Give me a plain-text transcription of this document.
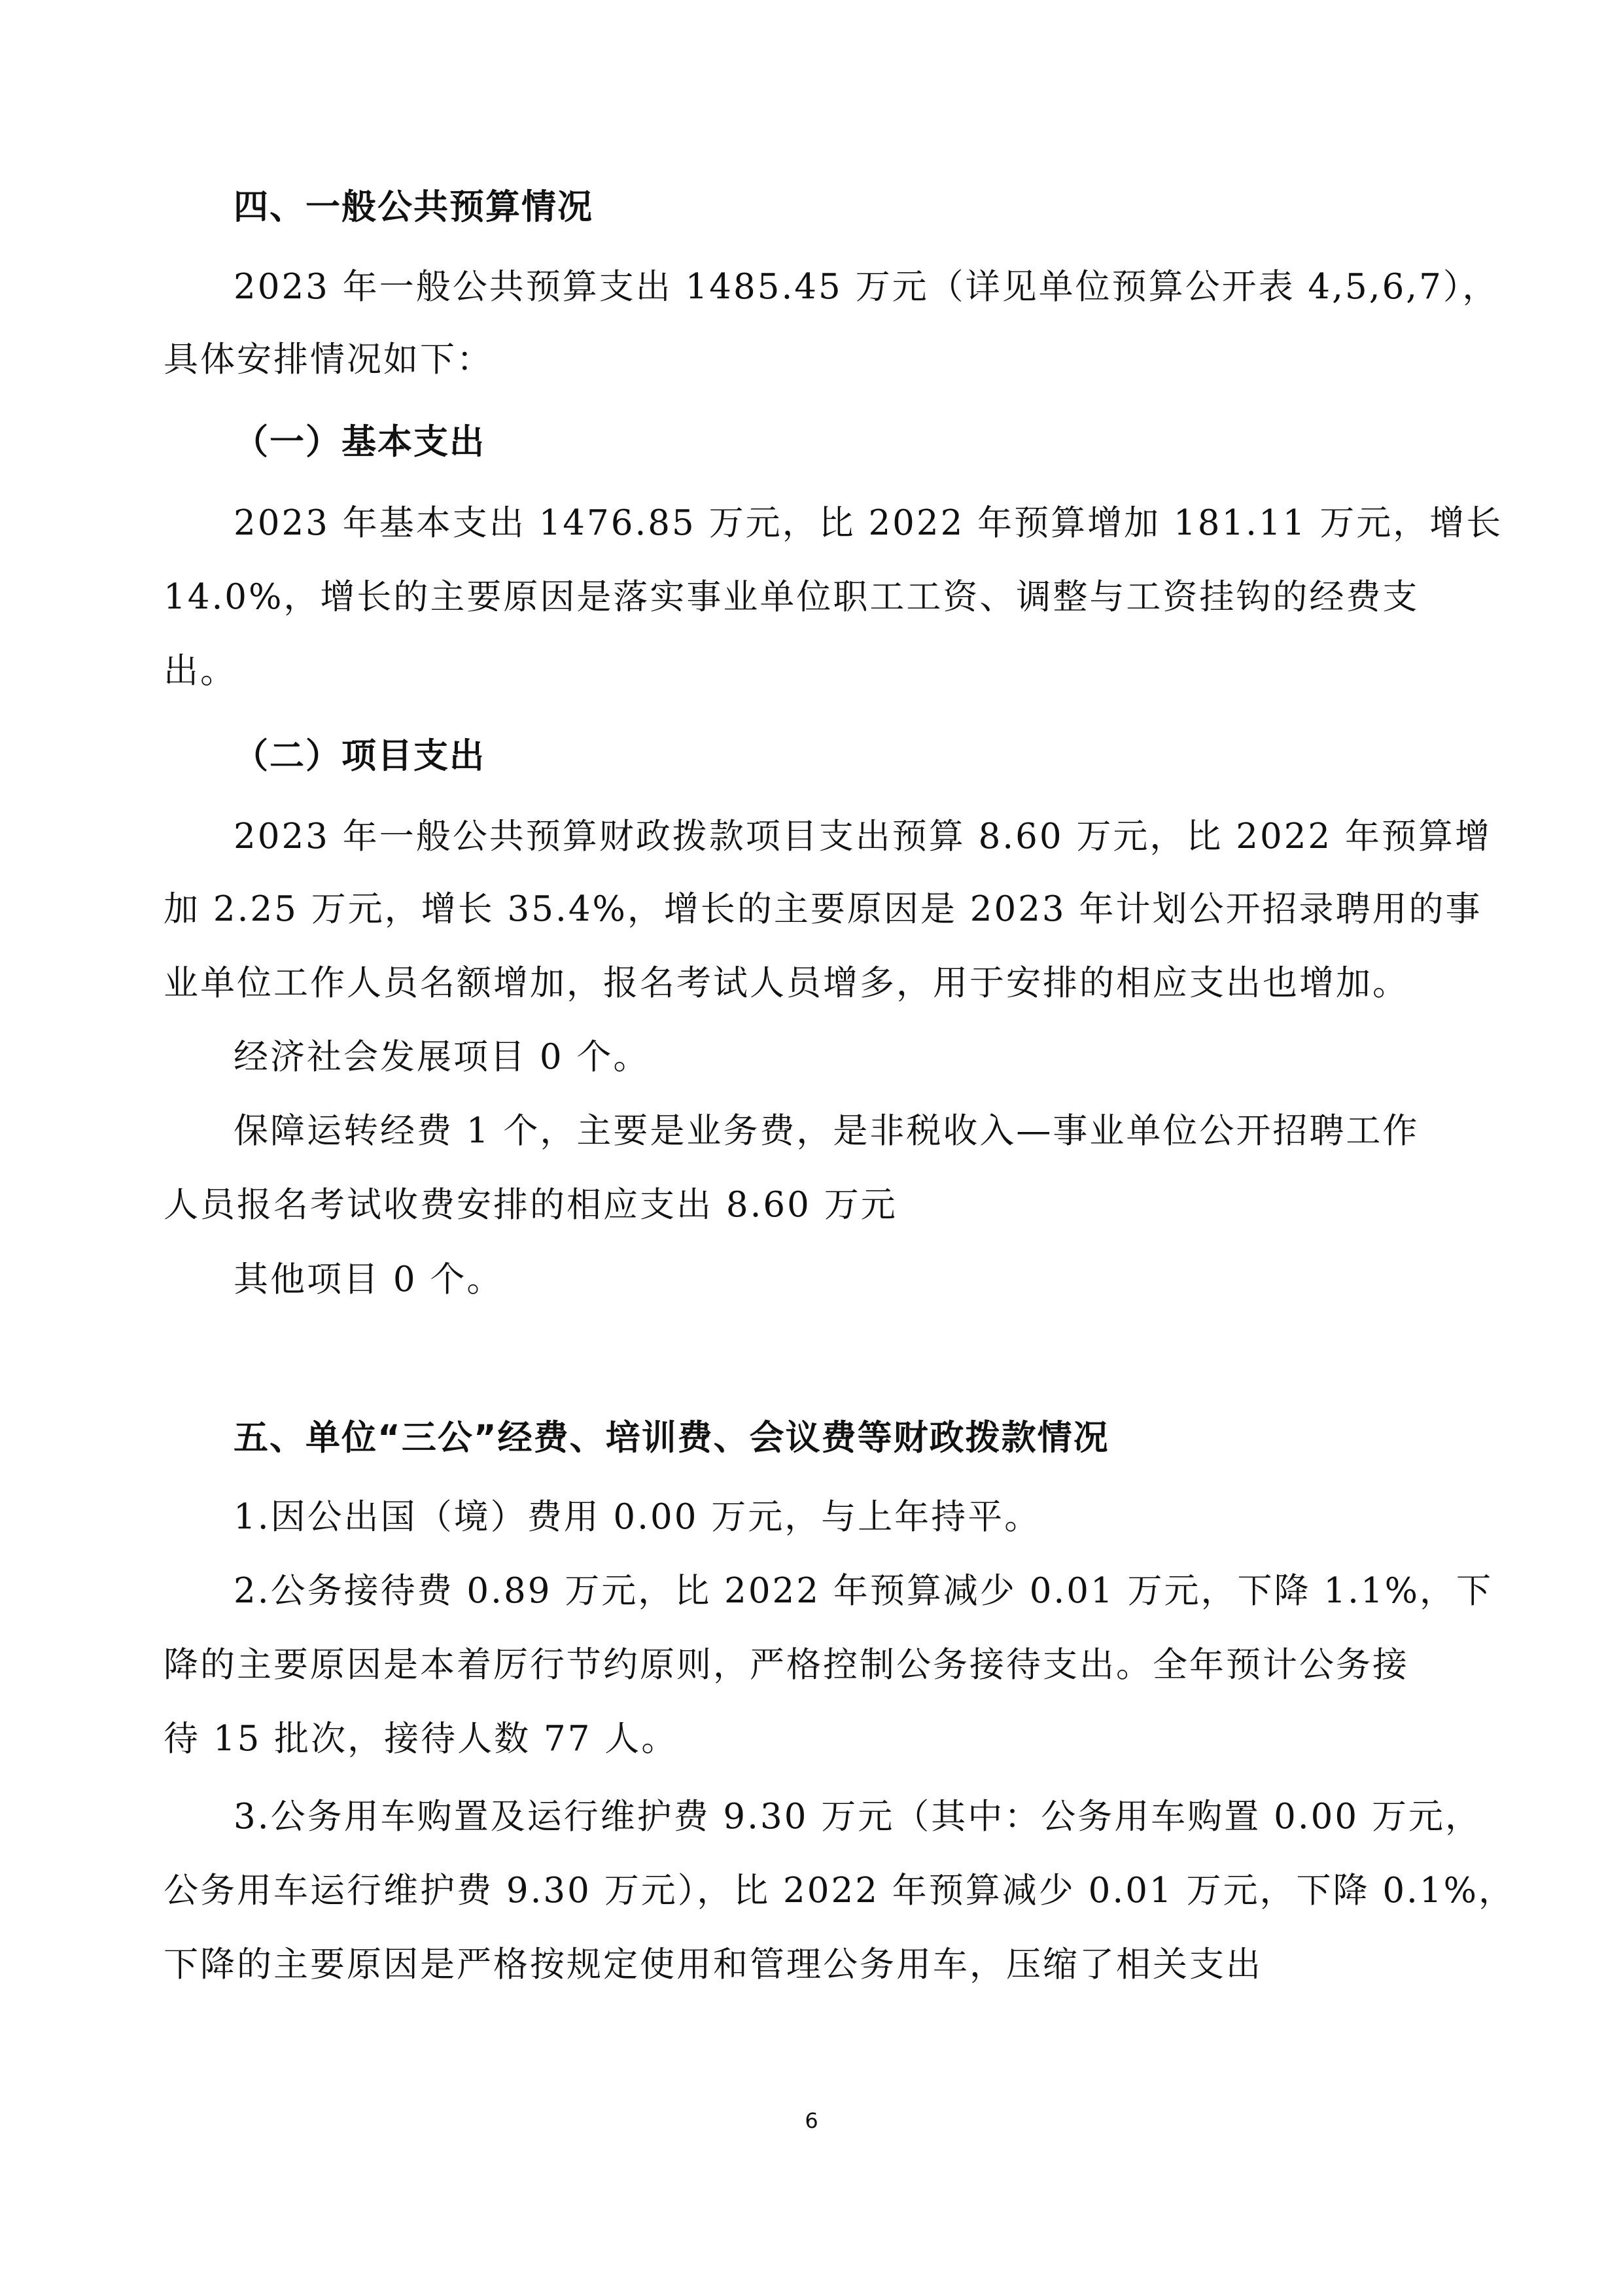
四、一般公共预算情况
2023 年一般公共预算支出 1485.45 万元（详见单位预算公开表 4,5,6,7），
具体安排情况如下：
（一）基本支出
2023 年基本支出 1476.85 万元，比 2022 年预算增加 181.11 万元，增长
14.0%，增长的主要原因是落实事业单位职工工资、调整与工资挂钩的经费支
出。
（二）项目支出
2023 年一般公共预算财政拨款项目支出预算 8.60 万元，比 2022 年预算增
加 2.25 万元，增长 35.4%，增长的主要原因是 2023 年计划公开招录聘用的事
业单位工作人员名额增加，报名考试人员增多，用于安排的相应支出也增加。
经济社会发展项目 0 个。
保障运转经费 1 个，主要是业务费，是非税收入—事业单位公开招聘工作
人员报名考试收费安排的相应支出 8.60 万元
其他项目 0 个。
五、单位“三公”经费、培训费、会议费等财政拨款情况
1.因公出国（境）费用 0.00 万元，与上年持平。
2.公务接待费 0.89 万元，比 2022 年预算减少 0.01 万元，下降 1.1%，下
降的主要原因是本着厉行节约原则，严格控制公务接待支出。全年预计公务接
待 15 批次，接待人数 77 人。
3.公务用车购置及运行维护费 9.30 万元（其中：公务用车购置 0.00 万元，
公务用车运行维护费 9.30 万元），比 2022 年预算减少 0.01 万元，下降 0.1%，
下降的主要原因是严格按规定使用和管理公务用车，压缩了相关支出
6
